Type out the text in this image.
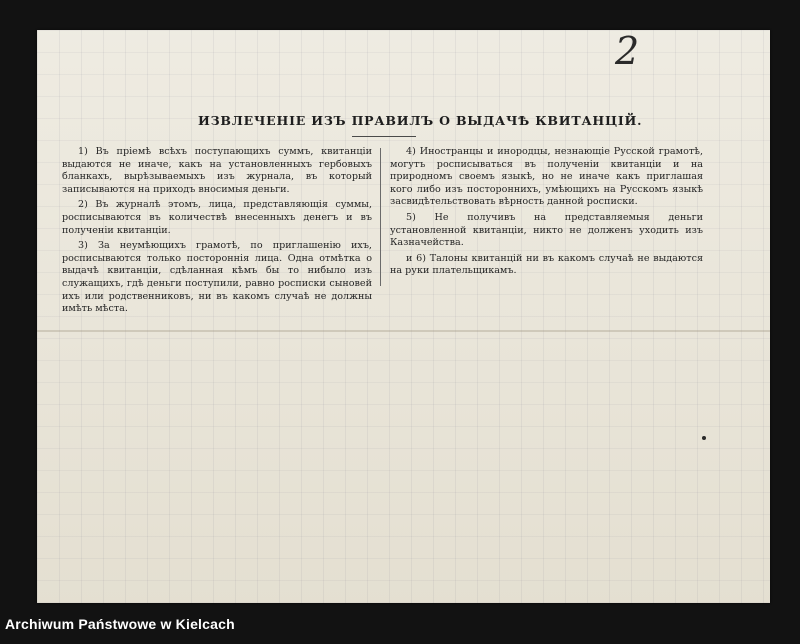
2
ИЗВЛЕЧЕНІЕ ИЗЪ ПРАВИЛЪ О ВЫДАЧѢ КВИТАНЦІЙ.

1) Въ пріемѣ всѣхъ поступающихъ суммъ, квитанціи выдаются не иначе, какъ на установленныхъ гербовыхъ бланкахъ, вырѣзываемыхъ изъ журнала, въ который записываются на приходъ вносимыя деньги.

2) Въ журналѣ этомъ, лица, представляющія суммы, росписываются въ количествѣ внесенныхъ денегъ и въ полученіи квитанціи.

3) За неумѣющихъ грамотѣ, по приглашенію ихъ, росписываются только постороннія лица. Одна отмѣтка о выдачѣ квитанціи, сдѣланная кѣмъ бы то нибыло изъ служащихъ, гдѣ деньги поступили, равно росписки сыновей ихъ или родственниковъ, ни въ какомъ случаѣ не должны имѣть мѣста.

4) Иностранцы и инородцы, незнающіе Русской грамотѣ, могутъ росписываться въ полученіи квитанціи и на природномъ своемъ языкѣ, но не иначе какъ приглашая кого либо изъ постороннихъ, умѣющихъ на Русскомъ языкѣ засвидѣтельствовать вѣрность данной росписки.

5) Не получивъ на представляемыя деньги установленной квитанціи, никто не долженъ уходить изъ Казначейства.

и 6) Талоны квитанцій ни въ какомъ случаѣ не выдаются на руки плательщикамъ.

Archiwum Państwowe w Kielcach
